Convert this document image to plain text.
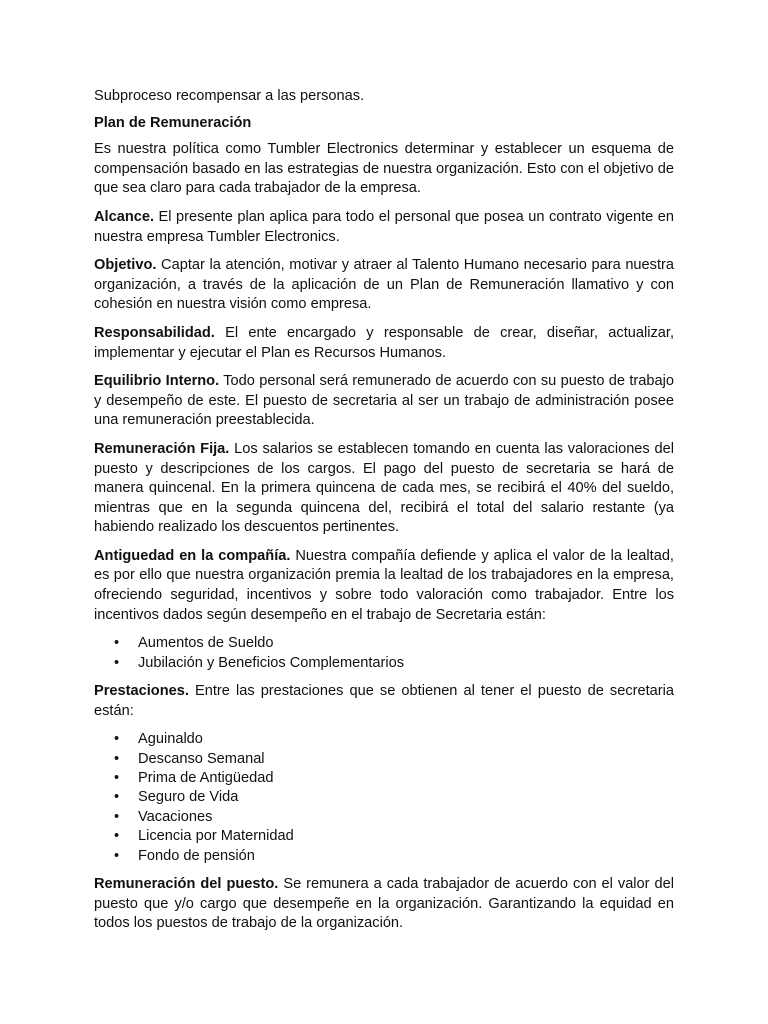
Subproceso recompensar a las personas.

Plan de Remuneración

Es nuestra política como Tumbler Electronics determinar y establecer un esquema de compensación basado en las estrategias de nuestra organización. Esto con el objetivo de que sea claro para cada trabajador de la empresa.

Alcance. El presente plan aplica para todo el personal que posea un contrato vigente en nuestra empresa Tumbler Electronics.

Objetivo. Captar la atención, motivar y atraer al Talento Humano necesario para nuestra organización, a través de la aplicación de un Plan de Remuneración llamativo y con cohesión en nuestra visión como empresa.

Responsabilidad. El ente encargado y responsable de crear, diseñar, actualizar, implementar y ejecutar el Plan es Recursos Humanos.

Equilibrio Interno. Todo personal será remunerado de acuerdo con su puesto de trabajo y desempeño de este. El puesto de secretaria al ser un trabajo de administración posee una remuneración preestablecida.

Remuneración Fija. Los salarios se establecen tomando en cuenta las valoraciones del puesto y descripciones de los cargos. El pago del puesto de secretaria se hará de manera quincenal. En la primera quincena de cada mes, se recibirá el 40% del sueldo, mientras que en la segunda quincena del, recibirá el total del salario restante (ya habiendo realizado los descuentos pertinentes.

Antiguedad en la compañía. Nuestra compañía defiende y aplica el valor de la lealtad, es por ello que nuestra organización premia la lealtad de los trabajadores en la empresa, ofreciendo seguridad, incentivos y sobre todo valoración como trabajador. Entre los incentivos dados según desempeño en el trabajo de Secretaria están:

• Aumentos de Sueldo
• Jubilación y Beneficios Complementarios

Prestaciones. Entre las prestaciones que se obtienen al tener el puesto de secretaria están:

• Aguinaldo
• Descanso Semanal
• Prima de Antigüedad
• Seguro de Vida
• Vacaciones
• Licencia por Maternidad
• Fondo de pensión

Remuneración del puesto. Se remunera a cada trabajador de acuerdo con el valor del puesto que y/o cargo que desempeñe en la organización. Garantizando la equidad en todos los puestos de trabajo de la organización.
